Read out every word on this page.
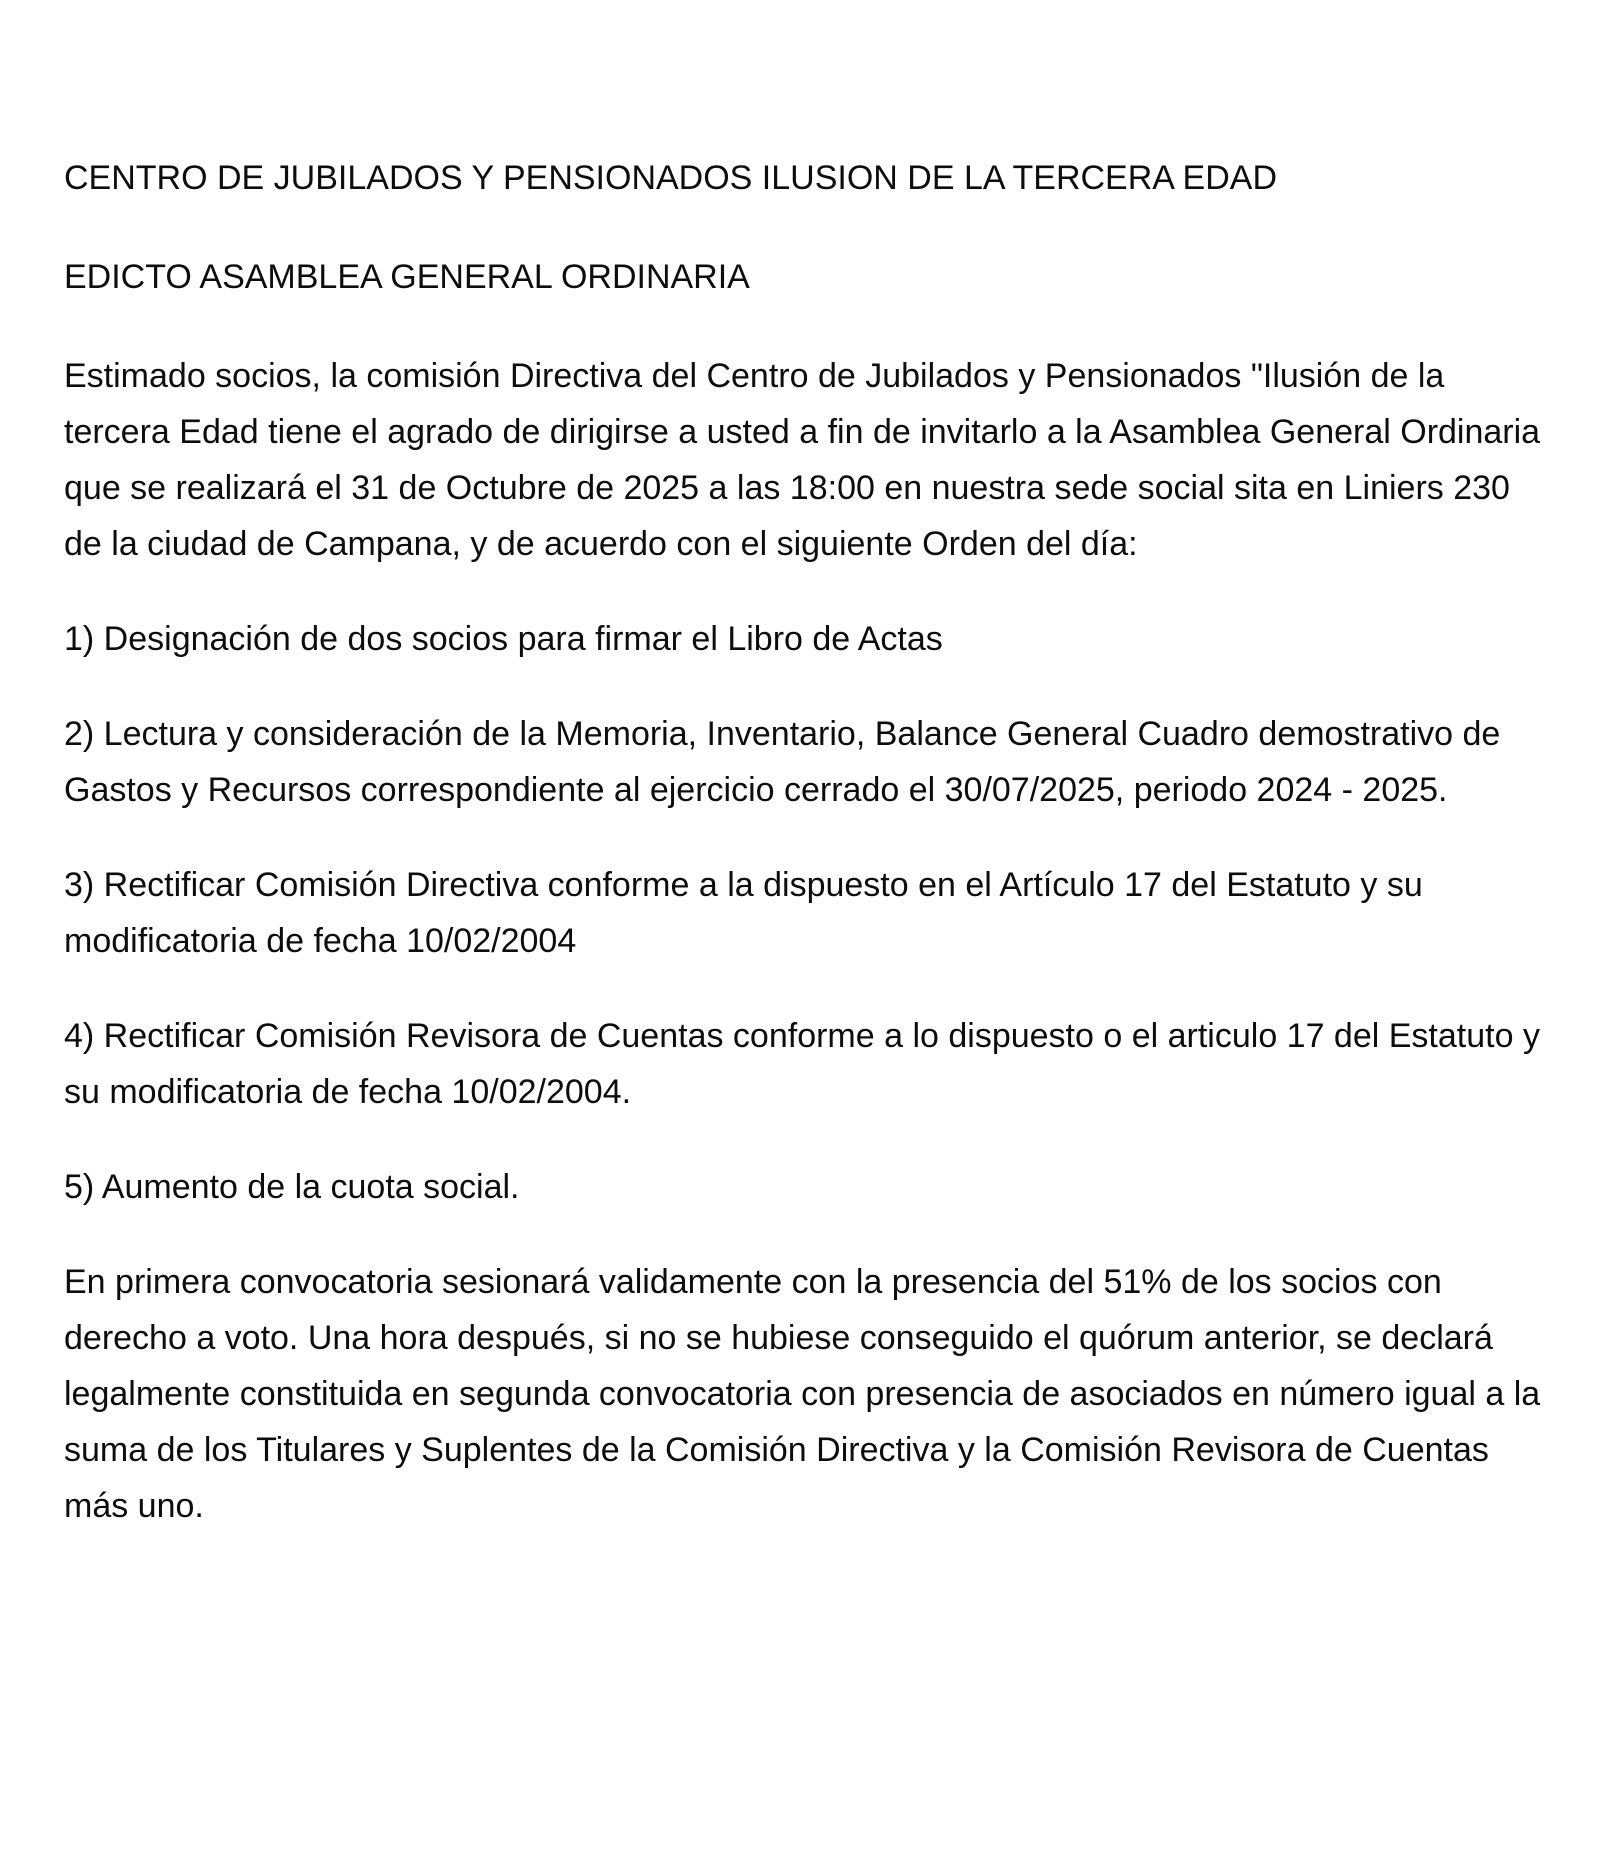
CENTRO DE JUBILADOS Y PENSIONADOS ILUSION DE LA TERCERA EDAD

EDICTO ASAMBLEA GENERAL ORDINARIA

Estimado socios, la comisión Directiva del Centro de Jubilados y Pensionados "Ilusión de la tercera Edad tiene el agrado de dirigirse a usted a fin de invitarlo a la Asamblea General Ordinaria que se realizará el 31 de Octubre de 2025 a las 18:00 en nuestra sede social sita en Liniers 230 de la ciudad de Campana, y de acuerdo con el siguiente Orden del día:

1) Designación de dos socios para firmar el Libro de Actas

2) Lectura y consideración de la Memoria, Inventario, Balance General Cuadro demostrativo de Gastos y Recursos correspondiente al ejercicio cerrado el 30/07/2025, periodo 2024 - 2025.

3) Rectificar Comisión Directiva conforme a la dispuesto en el Artículo 17 del Estatuto y su modificatoria de fecha 10/02/2004

4) Rectificar Comisión Revisora de Cuentas conforme a lo dispuesto o el articulo 17 del Estatuto y su modificatoria de fecha 10/02/2004.

5) Aumento de la cuota social.

En primera convocatoria sesionará validamente con la presencia del 51% de los socios con derecho a voto. Una hora después, si no se hubiese conseguido el quórum anterior, se declará legalmente constituida en segunda convocatoria con presencia de asociados en número igual a la suma de los Titulares y Suplentes de la Comisión Directiva y la Comisión Revisora de Cuentas más uno.
